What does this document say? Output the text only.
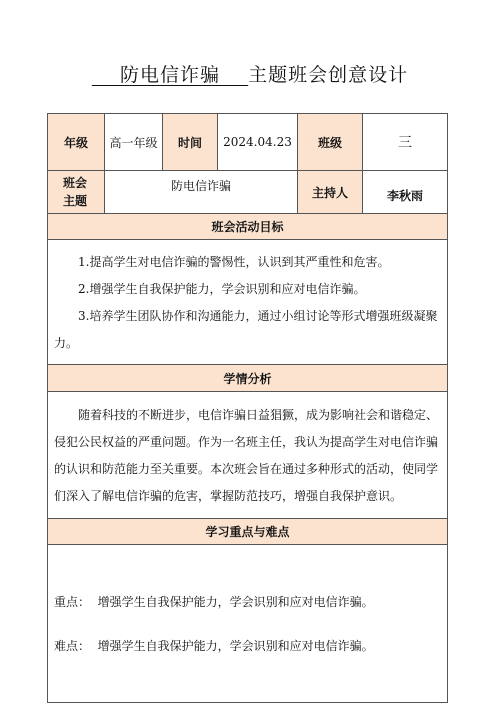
防电信诈骗 主题班会创意设计
年级	高一年级	时间	2024.04.23	班级	三

班会
主题	防电信诈骗			主持人	李秋雨
班会活动目标					

1.提高学生对电信诈骗的警惕性，认识到其严重性和危害。

2.增强学生自我保护能力，学会识别和应对电信诈骗。

3.培养学生团队协作和沟通能力，通过小组讨论等形式增强班级凝聚力。					

学情分析					

随着科技的不断进步，电信诈骗日益猖獗，成为影响社会和谐稳定、侵犯公民权益的严重问题。作为一名班主任，我认为提高学生对电信诈骗的认识和防范能力至关重要。本次班会旨在通过多种形式的活动，使同学们深入了解电信诈骗的危害，掌握防范技巧，增强自我保护意识。					

学习重点与难点					

重点：  增强学生自我保护能力，学会识别和应对电信诈骗。

难点：  增强学生自我保护能力，学会识别和应对电信诈骗。					
